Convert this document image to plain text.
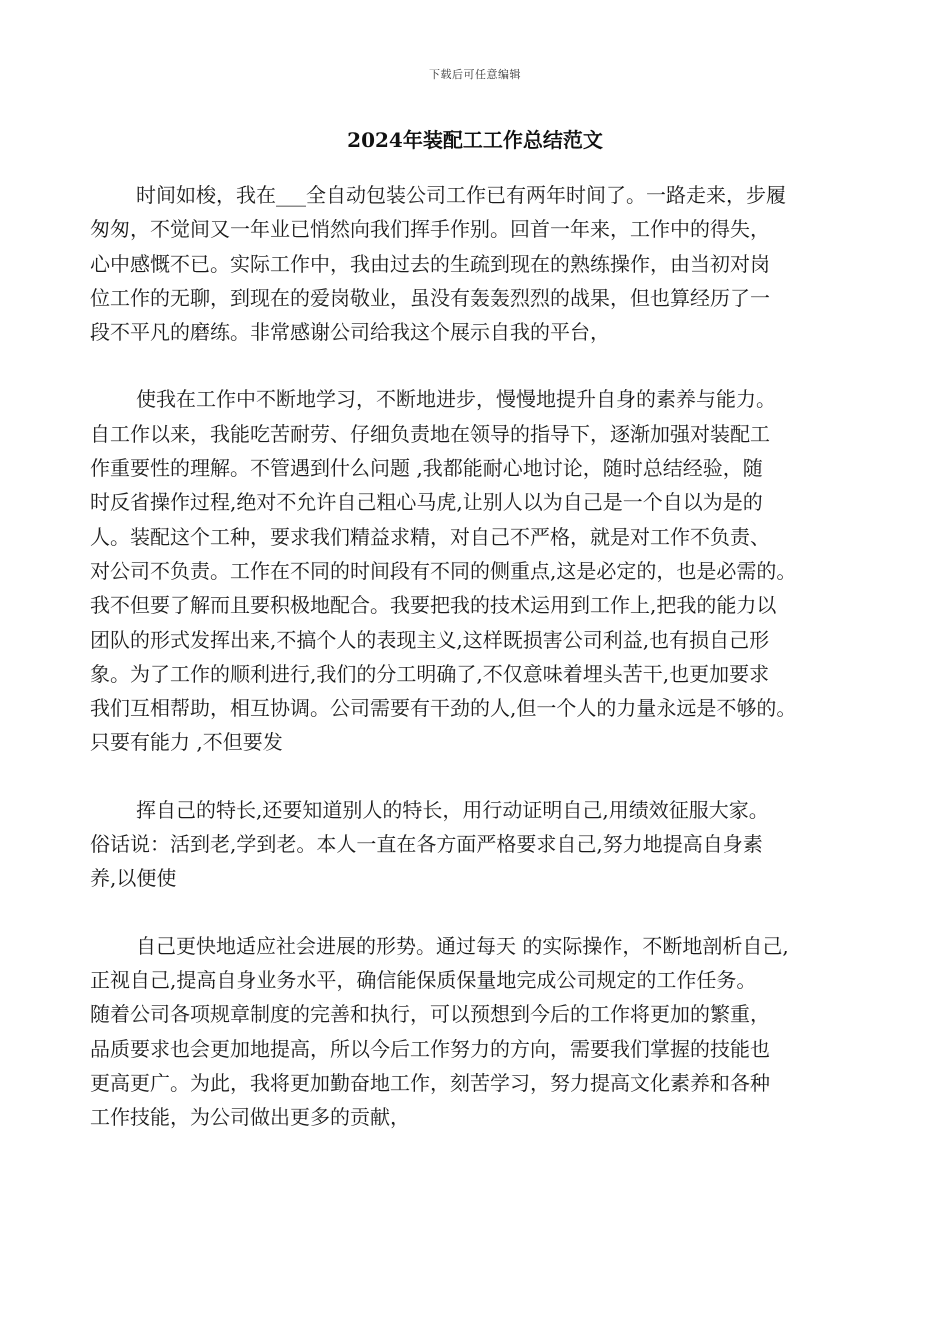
下载后可任意编辑
2024年装配工工作总结范文
时间如梭，我在___全自动包装公司工作已有两年时间了。一路走来，步履
匆匆，不觉间又一年业已悄然向我们挥手作别。回首一年来，工作中的得失，
心中感慨不已。实际工作中，我由过去的生疏到现在的熟练操作，由当初对岗
位工作的无聊，到现在的爱岗敬业，虽没有轰轰烈烈的战果，但也算经历了一
段不平凡的磨练。非常感谢公司给我这个展示自我的平台，
使我在工作中不断地学习，不断地进步，慢慢地提升自身的素养与能力。
自工作以来，我能吃苦耐劳、仔细负责地在领导的指导下，逐渐加强对装配工
作重要性的理解。不管遇到什么问题 ,我都能耐心地讨论，随时总结经验，随
时反省操作过程,绝对不允许自己粗心马虎,让别人以为自己是一个自以为是的
人。装配这个工种，要求我们精益求精，对自己不严格，就是对工作不负责、
对公司不负责。工作在不同的时间段有不同的侧重点,这是必定的，也是必需的。
我不但要了解而且要积极地配合。我要把我的技术运用到工作上,把我的能力以
团队的形式发挥出来,不搞个人的表现主义,这样既损害公司利益,也有损自己形
象。为了工作的顺利进行,我们的分工明确了,不仅意味着埋头苦干,也更加要求
我们互相帮助，相互协调。公司需要有干劲的人,但一个人的力量永远是不够的。
只要有能力 ,不但要发
挥自己的特长,还要知道别人的特长，用行动证明自己,用绩效征服大家。
俗话说：活到老,学到老。本人一直在各方面严格要求自己,努力地提高自身素
养,以便使
自己更快地适应社会进展的形势。通过每天 的实际操作，不断地剖析自己,
正视自己,提高自身业务水平，确信能保质保量地完成公司规定的工作任务。
随着公司各项规章制度的完善和执行，可以预想到今后的工作将更加的繁重，
品质要求也会更加地提高，所以今后工作努力的方向，需要我们掌握的技能也
更高更广。为此，我将更加勤奋地工作，刻苦学习，努力提高文化素养和各种
工作技能，为公司做出更多的贡献，
